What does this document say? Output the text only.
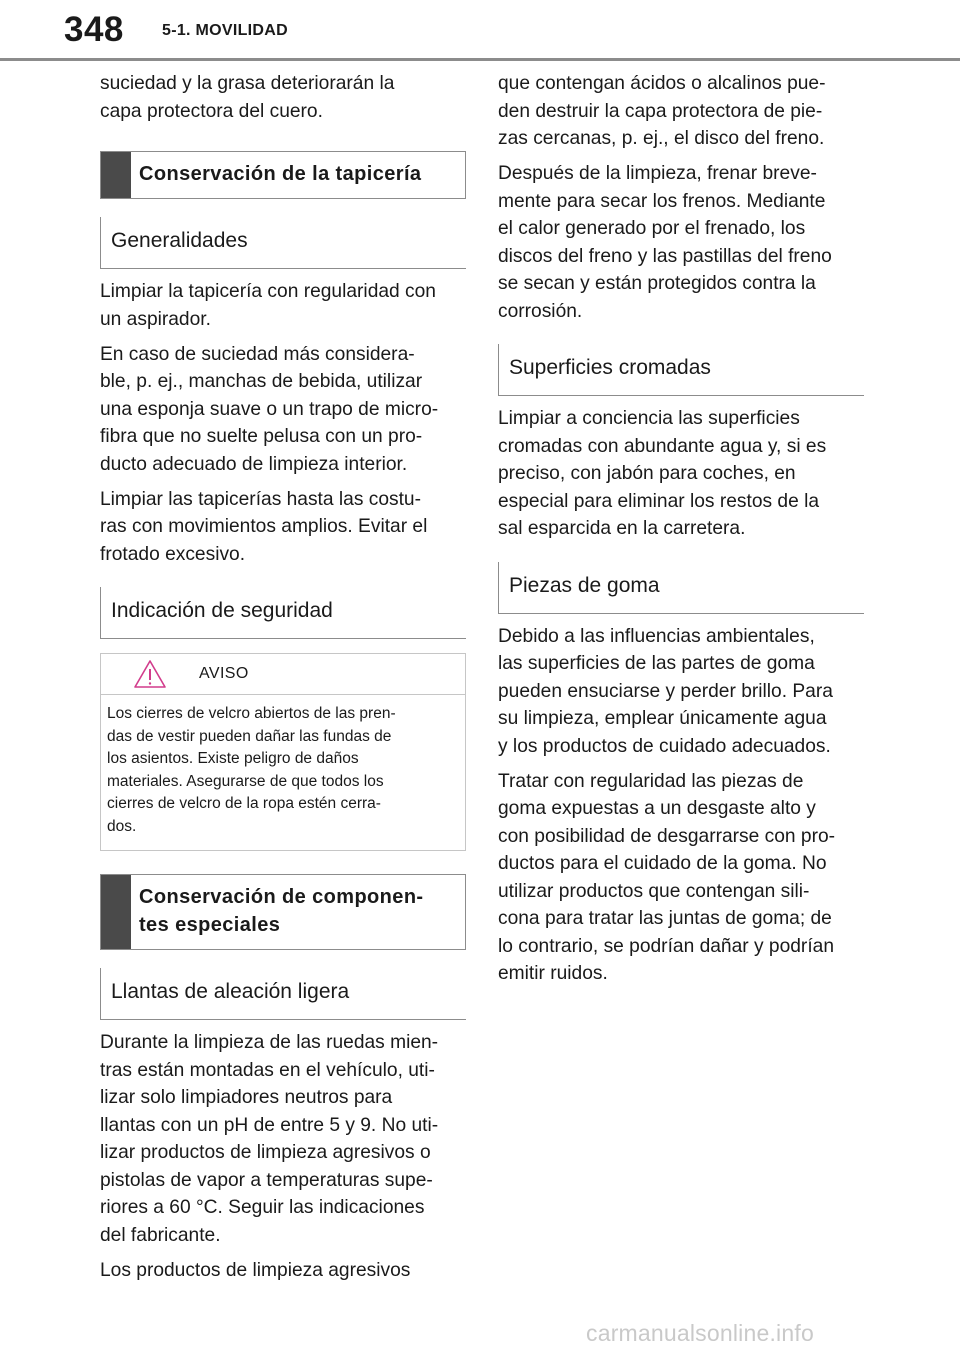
348 5-1. MOVILIDAD

suciedad y la grasa deteriorarán la
capa protectora del cuero.

Conservación de la tapicería
Generalidades

Limpiar la tapicería con regularidad con
un aspirador.

En caso de suciedad más considera-
ble, p. ej., manchas de bebida, utilizar
una esponja suave o un trapo de micro-
fibra que no suelte pelusa con un pro-
ducto adecuado de limpieza interior.

Limpiar las tapicerías hasta las costu-
ras con movimientos amplios. Evitar el
frotado excesivo.

Indicación de seguridad
AVISO
Los cierres de velcro abiertos de las pren-
das de vestir pueden dañar las fundas de
los asientos. Existe peligro de daños
materiales. Asegurarse de que todos los
cierres de velcro de la ropa estén cerra-
dos.
Conservación de componen-
tes especiales
Llantas de aleación ligera

Durante la limpieza de las ruedas mien-
tras están montadas en el vehículo, uti-
lizar solo limpiadores neutros para
llantas con un pH de entre 5 y 9. No uti-
lizar productos de limpieza agresivos o
pistolas de vapor a temperaturas supe-
riores a 60 °C. Seguir las indicaciones
del fabricante.

Los productos de limpieza agresivos

que contengan ácidos o alcalinos pue-
den destruir la capa protectora de pie-
zas cercanas, p. ej., el disco del freno.

Después de la limpieza, frenar breve-
mente para secar los frenos. Mediante
el calor generado por el frenado, los
discos del freno y las pastillas del freno
se secan y están protegidos contra la
corrosión.

Superficies cromadas

Limpiar a conciencia las superficies
cromadas con abundante agua y, si es
preciso, con jabón para coches, en
especial para eliminar los restos de la
sal esparcida en la carretera.

Piezas de goma

Debido a las influencias ambientales,
las superficies de las partes de goma
pueden ensuciarse y perder brillo. Para
su limpieza, emplear únicamente agua
y los productos de cuidado adecuados.

Tratar con regularidad las piezas de
goma expuestas a un desgaste alto y
con posibilidad de desgarrarse con pro-
ductos para el cuidado de la goma. No
utilizar productos que contengan sili-
cona para tratar las juntas de goma; de
lo contrario, se podrían dañar y podrían
emitir ruidos.

carmanualsonline.info
